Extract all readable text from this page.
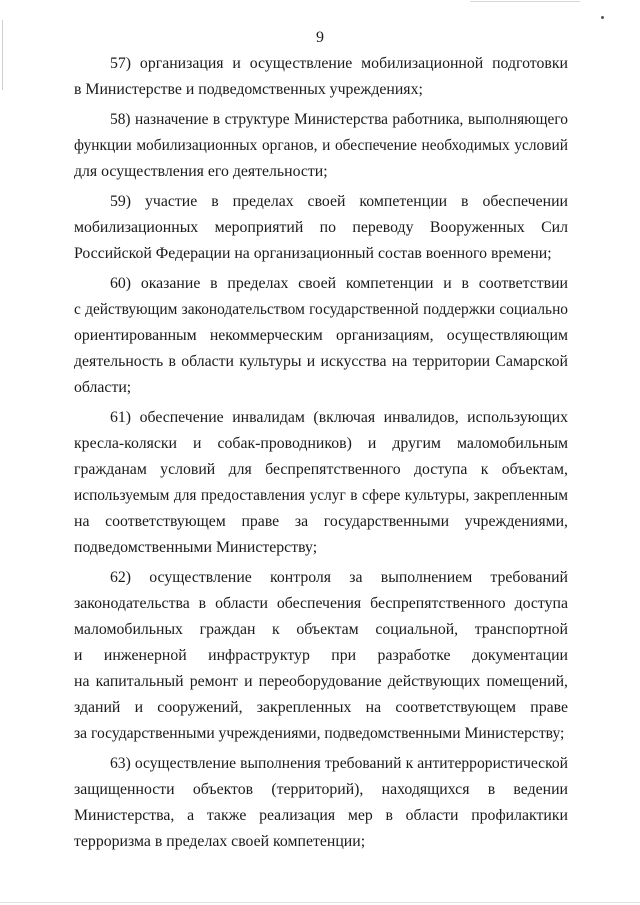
9
57) организация и осуществление мобилизационной подготовки
в Министерстве и подведомственных учреждениях;
58) назначение в структуре Министерства работника, выполняющего
функции мобилизационных органов, и обеспечение необходимых условий
для осуществления его деятельности;
59) участие в пределах своей компетенции в обеспечении
мобилизационных мероприятий по переводу Вооруженных Сил
Российской Федерации на организационный состав военного времени;
60) оказание в пределах своей компетенции и в соответствии
с действующим законодательством государственной поддержки социально
ориентированным некоммерческим организациям, осуществляющим
деятельность в области культуры и искусства на территории Самарской
области;
61) обеспечение инвалидам (включая инвалидов, использующих
кресла-коляски и собак-проводников) и другим маломобильным
гражданам условий для беспрепятственного доступа к объектам,
используемым для предоставления услуг в сфере культуры, закрепленным
на соответствующем праве за государственными учреждениями,
подведомственными Министерству;
62) осуществление контроля за выполнением требований
законодательства в области обеспечения беспрепятственного доступа
маломобильных граждан к объектам социальной, транспортной
и инженерной инфраструктур при разработке документации
на капитальный ремонт и переоборудование действующих помещений,
зданий и сооружений, закрепленных на соответствующем праве
за государственными учреждениями, подведомственными Министерству;
63) осуществление выполнения требований к антитеррористической
защищенности объектов (территорий), находящихся в ведении
Министерства, а также реализация мер в области профилактики
терроризма в пределах своей компетенции;
